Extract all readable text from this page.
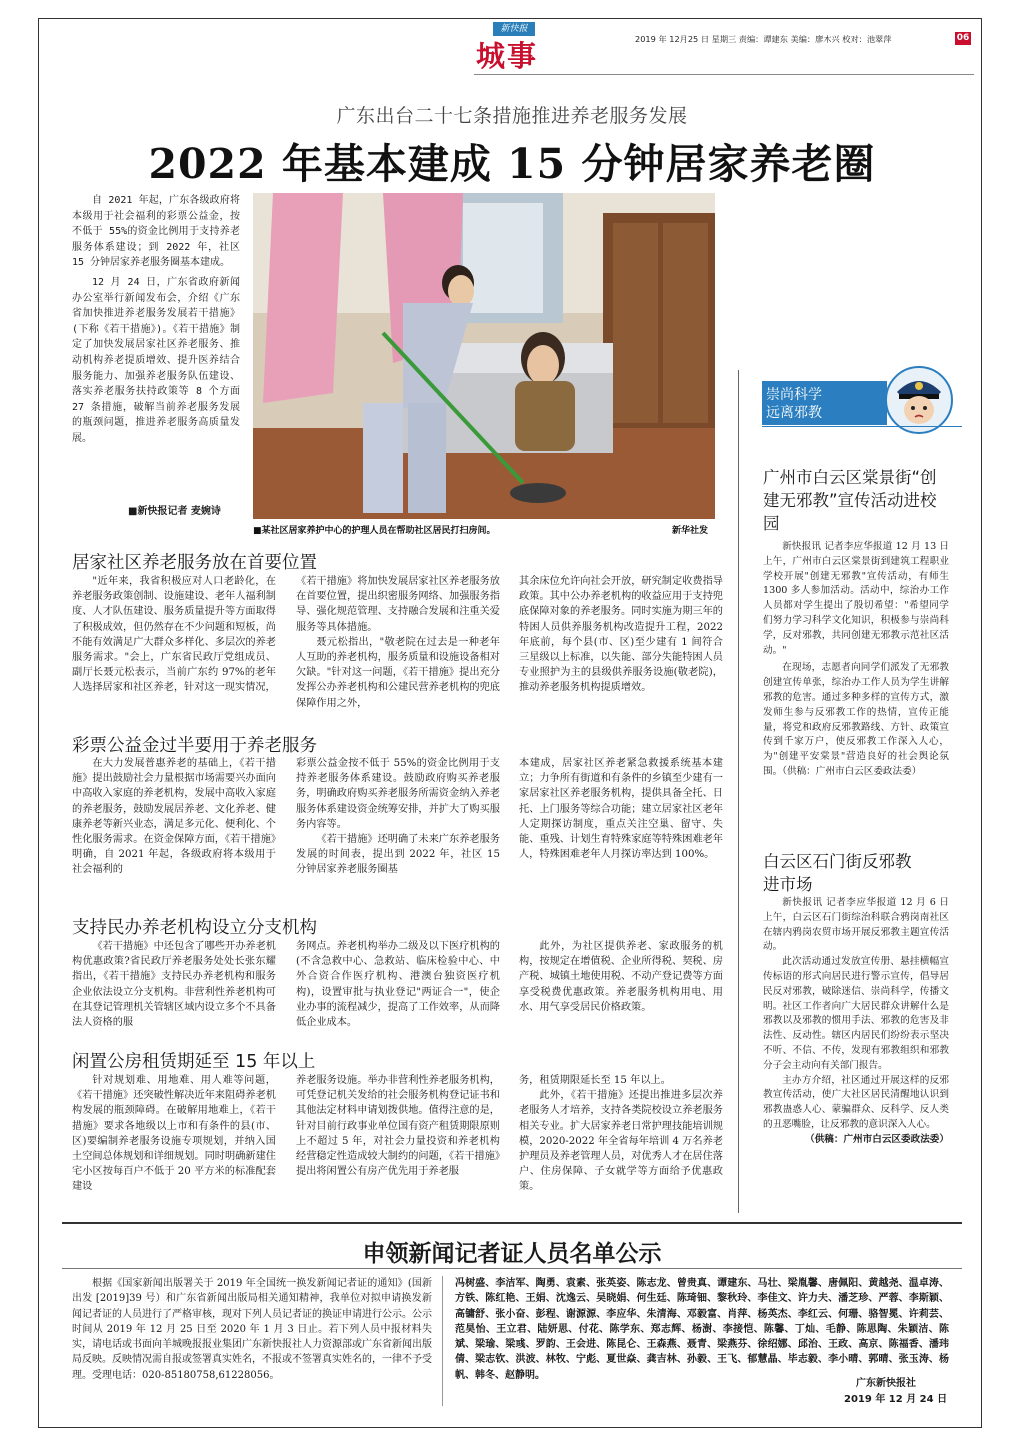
新快报
城事	2019 年 12月25 日 星期三 责编：谭建东 美编：廖木兴 校对：池翠萍	06
广东出台二十七条措施推进养老服务发展
2022 年基本建成 15 分钟居家养老圈

自 2021 年起，广东各级政府将本级用于社会福利的彩票公益金，按不低于 55%的资金比例用于支持养老服务体系建设；到 2022 年，社区 15 分钟居家养老服务圈基本建成。

12 月 24 日，广东省政府新闻办公室举行新闻发布会，介绍《广东省加快推进养老服务发展若干措施》(下称《若干措施》)。《若干措施》制定了加快发展居家社区养老服务、推动机构养老提质增效、提升医养结合服务能力、加强养老服务队伍建设、落实养老服务扶持政策等 8 个方面 27 条措施，破解当前养老服务发展的瓶颈问题，推进养老服务高质量发展。

■新快报记者 麦婉诗
■某社区居家养护中心的护理人员在帮助社区居民打扫房间。	新华社发
居家社区养老服务放在首要位置

"近年来，我省积极应对人口老龄化，在养老服务政策创制、设施建设、老年人福利制度、人才队伍建设、服务质量提升等方面取得了积极成效，但仍然存在不少问题和短板，尚不能有效满足广大群众多样化、多层次的养老服务需求。"会上，广东省民政厅党组成员、副厅长聂元松表示，当前广东约 97%的老年人选择居家和社区养老，针对这一现实情况，

《若干措施》将加快发展居家社区养老服务放在首要位置，提出织密服务网络、加强服务指导、强化规范管理、支持融合发展和注重关爱服务等具体措施。

聂元松指出，"敬老院在过去是一种老年人互助的养老机构，服务质量和设施设备相对欠缺。"针对这一问题，《若干措施》提出充分发挥公办养老机构和公建民营养老机构的兜底保障作用之外，

其余床位允许向社会开放，研究制定收费指导政策。其中公办养老机构的收益应用于支持兜底保障对象的养老服务。同时实施为期三年的特困人员供养服务机构改造提升工程，2022 年底前，每个县(市、区)至少建有 1 间符合三星级以上标准，以失能、部分失能特困人员专业照护为主的县级供养服务设施(敬老院)，推动养老服务机构提质增效。

彩票公益金过半要用于养老服务

在大力发展普惠养老的基础上，《若干措施》提出鼓励社会力量根据市场需要兴办面向中高收入家庭的养老机构，发展中高收入家庭的养老服务，鼓励发展居养老、文化养老、健康养老等新兴业态，满足多元化、便利化、个性化服务需求。在资金保障方面，《若干措施》明确，自 2021 年起，各级政府将本级用于社会福利的

彩票公益金按不低于 55%的资金比例用于支持养老服务体系建设。鼓励政府购买养老服务，明确政府购买养老服务所需资金纳入养老服务体系建设资金统筹安排，并扩大了购买服务内容等。

《若干措施》还明确了未来广东养老服务发展的时间表，提出到 2022 年，社区 15 分钟居家养老服务圈基

本建成，居家社区养老紧急救援系统基本建立；力争所有街道和有条件的乡镇至少建有一家居家社区养老服务机构，提供具备全托、日托、上门服务等综合功能；建立居家社区老年人定期探访制度，重点关注空巢、留守、失能、重残、计划生育特殊家庭等特殊困难老年人，特殊困难老年人月探访率达到 100%。

支持民办养老机构设立分支机构

《若干措施》中还包含了哪些开办养老机构优惠政策?省民政厅养老服务处处长张东耀指出，《若干措施》支持民办养老机构和服务企业依法设立分支机构。非营利性养老机构可在其登记管理机关管辖区域内设立多个不具备法人资格的服

务网点。养老机构举办二级及以下医疗机构的(不含急救中心、急救站、临床检验中心、中外合资合作医疗机构、港澳台独资医疗机构)，设置审批与执业登记"两证合一"，使企业办事的流程减少，提高了工作效率，从而降低企业成本。

此外，为社区提供养老、家政服务的机构，按规定在增值税、企业所得税、契税、房产税、城镇土地使用税、不动产登记费等方面享受税费优惠政策。养老服务机构用电、用水、用气享受居民价格政策。

闲置公房租赁期延至 15 年以上

针对规划难、用地难、用人难等问题，《若干措施》还突破性解决近年来阻碍养老机构发展的瓶颈障碍。在破解用地难上，《若干措施》要求各地级以上市和有条件的县(市、区)要编制养老服务设施专项规划，并纳入国土空间总体规划和详细规划。同时明确新建住宅小区按每百户不低于 20 平方米的标准配套建设

养老服务设施。举办非营利性养老服务机构，可凭登记机关发给的社会服务机构登记证书和其他法定材料申请划拨供地。值得注意的是，针对目前行政事业单位国有资产租赁期限原则上不超过 5 年，对社会力量投资和养老机构经营稳定性造成较大制约的问题，《若干措施》提出将闲置公有房产优先用于养老服

务，租赁期限延长至 15 年以上。

此外，《若干措施》还提出推进多层次养老服务人才培养，支持各类院校设立养老服务相关专业。扩大居家养老日常护理技能培训规模，2020-2022 年全省每年培训 4 万名养老护理员及养老管理人员，对优秀人才在居住落户、住房保障、子女就学等方面给予优惠政策。

崇尚科学
远离邪教
广州市白云区棠景街“创建无邪教”宣传活动进校园

新快报讯 记者李应华报道 12 月 13 日上午，广州市白云区棠景街到建筑工程职业学校开展"创建无邪教"宣传活动，有师生 1300 多人参加活动。活动中，综治办工作人员都对学生提出了殷切希望："希望同学们努力学习科学文化知识，积极参与崇尚科学，反对邪教，共同创建无邪教示范社区活动。"

在现场，志愿者向同学们派发了无邪教创建宣传单张，综治办工作人员为学生讲解邪教的危害。通过多种多样的宣传方式，激发师生参与反邪教工作的热情，宣传正能量，将党和政府反邪教路线、方针、政策宣传到千家万户，使反邪教工作深入人心，为"创建平安棠景"营造良好的社会舆论氛围。（供稿：广州市白云区委政法委）

白云区石门街反邪教进市场

新快报讯 记者李应华报道 12 月 6 日上午，白云区石门街综治科联合鸦岗南社区在辖内鸦岗农贸市场开展反邪教主题宣传活动。

此次活动通过发放宣传册、悬挂横幅宣传标语的形式向居民进行警示宣传，倡导居民反对邪教，破除迷信、崇尚科学，传播文明。社区工作者向广大居民群众讲解什么是邪教以及邪教的惯用手法、邪教的危害及非法性、反动性。辖区内居民们纷纷表示坚决不听、不信、不传，发现有邪教组织和邪教分子会主动向有关部门报告。

主办方介绍，社区通过开展这样的反邪教宣传活动，使广大社区居民清醒地认识到邪教蛊惑人心、蒙骗群众、反科学、反人类的丑恶嘴脸，让反邪教的意识深入人心。

（供稿：广州市白云区委政法委）

申领新闻记者证人员名单公示

根据《国家新闻出版署关于 2019 年全国统一换发新闻记者证的通知》(国新出发 [2019]39 号）和广东省新闻出版局相关通知精神，我单位对拟申请换发新闻记者证的人员进行了严格审核，现对下列人员记者证的换证申请进行公示。公示时间从 2019 年 12 月 25 日至 2020 年 1 月 3 日止。若下列人员中报材料失实，请电话或书面向羊城晚报报业集团广东新快报社人力资源部或广东省新闻出版局反映。反映情况需自报或签署真实姓名，不报或不签署真实姓名的，一律不予受理。受理电话：020-85180758,61228056。

冯树盛、李洁军、陶勇、袁素、张英姿、陈志龙、曾贵真、谭建东、马壮、梁胤馨、唐佩阳、黄越尧、温卓涛、方铁、陈红艳、王娟、沈逸云、吴晓娟、何生廷、陈琦钿、黎秋玲、李佳文、许力夫、潘芝珍、严蓉、李斯颖、高镛舒、张小奋、彭程、谢源源、李应华、朱清海、邓毅富、肖萍、杨英杰、李红云、何珊、骆智冕、许莉芸、范昊怡、王立君、陆妍思、付花、陈学东、郑志辉、杨澍、李接恺、陈馨、丁灿、毛静、陈思陶、朱颖洁、陈斌、梁瑜、梁彧、罗韵、王会进、陈昆仑、王森燕、聂青、梁燕芬、徐绍娜、邱治、王政、高京、陈福香、潘玮倩、梁志钦、洪波、林牧、宁彪、夏世焱、龚吉林、孙毅、王飞、郁慧晶、毕志毅、李小晴、郭晴、张玉涛、杨帆、韩冬、赵静明。

广东新快报社
2019 年 12 月 24 日
